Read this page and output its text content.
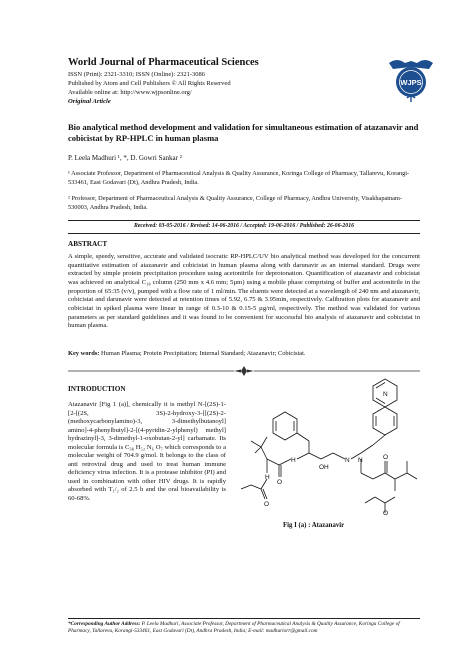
World Journal of Pharmaceutical Sciences
ISSN (Print): 2321-3310; ISSN (Online): 2321-3086
Published by Atom and Cell Publishers © All Rights Reserved
Available online at: http://www.wjpsonline.org/
Original Article
WJPS
Bio analytical method development and validation for simultaneous estimation of atazanavir and cobicistat by RP-HPLC in human plasma
P. Leela Madhuri ¹, *, D. Gowri Sankar ²
¹ Associate Professor, Department of Pharmaceutical Analysis & Quality Assurance, Koringa College of Pharmacy, Tallarevu, Korangi-533461, East Godavari (Dt), Andhra Pradesh, India.
² Professor, Department of Pharmaceutical Analysis & Quality Assurance, College of Pharmacy, Andhra University, Visakhapatnam-530003, Andhra Pradesh, India.
Received: 03-05-2016 / Revised: 14-06-2016 / Accepted: 19-06-2016 / Published: 26-06-2016
ABSTRACT
A simple, speedy, sensitive, accurate and validated isocratic RP-HPLC/UV bio analytical method was developed for the concurrent quantitative estimation of atazanavir and cobicistat in human plasma along with darunavir as an internal standard. Drugs were extracted by simple protein precipitation procedure using acetonitrile for deprotonation. Quantification of atazanavir and cobicistat was achieved on analytical C₁₈ column (250 mm x 4.6 mm; 5µm) using a mobile phase comprising of buffer and acetonitrile in the proportion of 65:35 (v/v), pumped with a flow rate of 1 ml/min. The eluents were detected at a wavelength of 240 nm and atazanavir, cobicistat and darunavir were detected at retention times of 5.92, 6.75 & 3.95min, respectively. Calibration plots for atazanavir and cobicistat in spiked plasma were linear in range of 0.3-10 & 0.15-5 µg/ml, respectively. The method was validated for various parameters as per standard guidelines and it was found to be convenient for successful bio analysis of atazanavir and cobicistat in human plasma.
Key words: Human Plasma; Protein Precipitation; Internal Standard; Atazanavir; Cobicistat.
INTRODUCTION
Atazanavir [Fig 1 (a)], chemically it is methyl N-[(2S)-1-[2-[(2S, 3S)-2-hydroxy-3-[[(2S)-2-(methoxycarbonylamino)-3, 3-dimethylbutanoyl] amino]-4-phenylbutyl]-2-[(4-pyridin-2-ylphenyl) methyl] hydrazinyl]-3, 3-dimethyl-1-oxobutan-2-yl] carbamate. Its molecular formula is C₃₈ H₅₂ N₆ O₇ which corresponds to a molecular weight of 704.9 g/mol. It belongs to the class of anti retroviral drug and used to treat human immune deficiency virus infection. It is a protease inhibitor (PI) and used in combination with other HIV drugs. It is rapidly absorbed with T₁/₂ of 2.5 h and the oral bioavailability is 60-68%.
N
N N
H
OH
O
H
O
O
O
Fig I (a) : Atazanavir
*Corresponding Author Address: P. Leela Madhuri, Associate Professor, Department of Pharmaceutical Analysis & Quality Assurance, Koringa College of Pharmacy, Tallarevu, Korangi-533461, East Godavari (Dt), Andhra Pradesh, India; E-mail: madhuriorr@gmail.com
